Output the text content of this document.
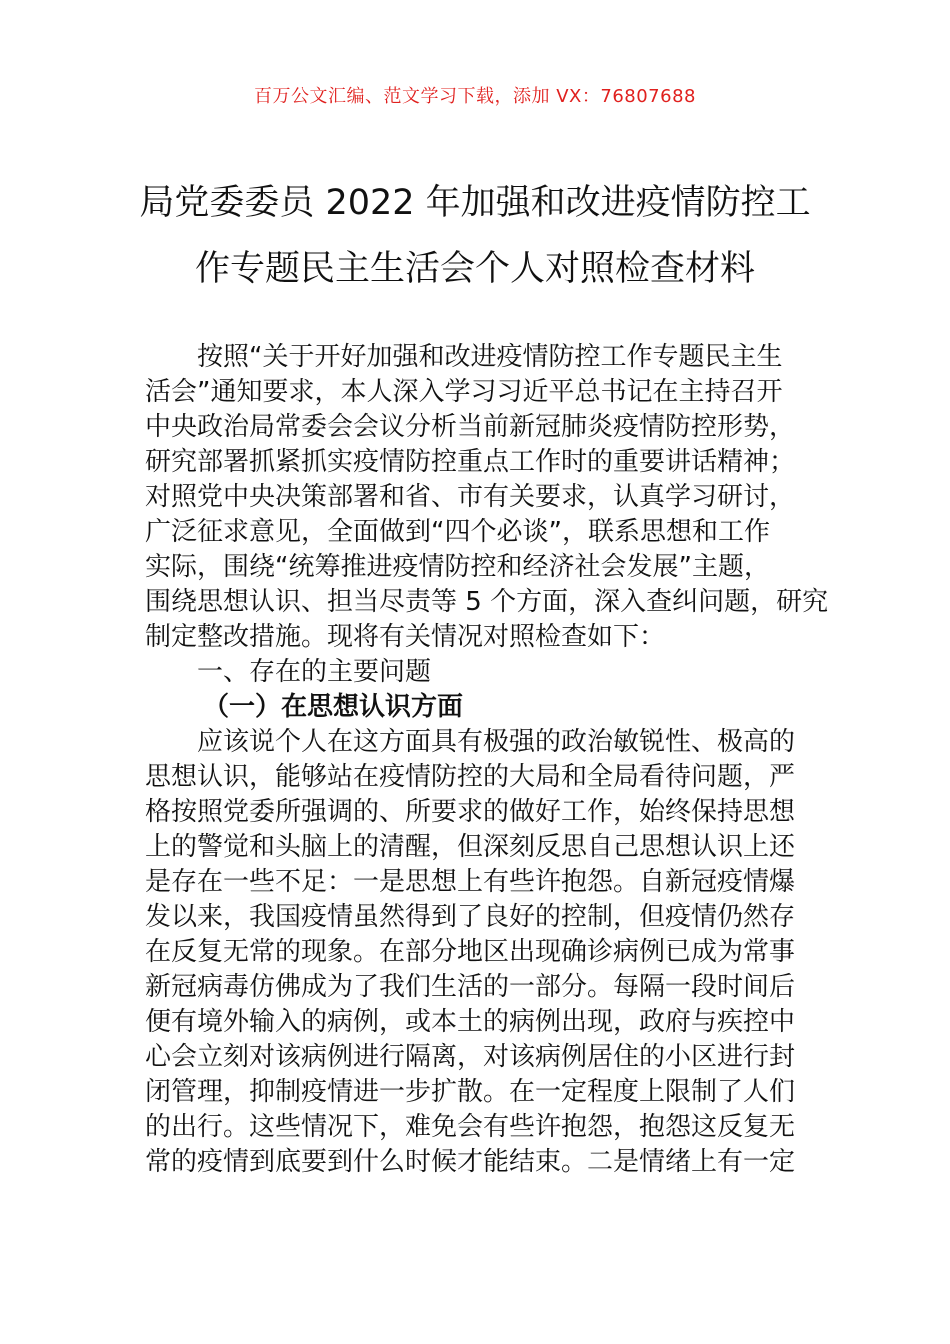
百万公文汇编、范文学习下载，添加 VX：76807688
局党委委员 2022 年加强和改进疫情防控工
作专题民主生活会个人对照检查材料
按照“关于开好加强和改进疫情防控工作专题民主生
活会”通知要求，本人深入学习习近平总书记在主持召开
中央政治局常委会会议分析当前新冠肺炎疫情防控形势，
研究部署抓紧抓实疫情防控重点工作时的重要讲话精神；
对照党中央决策部署和省、市有关要求，认真学习研讨，
广泛征求意见，全面做到“四个必谈”，联系思想和工作
实际，围绕“统筹推进疫情防控和经济社会发展”主题，
围绕思想认识、担当尽责等 5 个方面，深入查纠问题，研究
制定整改措施。现将有关情况对照检查如下：
一、存在的主要问题
（一）在思想认识方面
应该说个人在这方面具有极强的政治敏锐性、极高的
思想认识，能够站在疫情防控的大局和全局看待问题，严
格按照党委所强调的、所要求的做好工作，始终保持思想
上的警觉和头脑上的清醒，但深刻反思自己思想认识上还
是存在一些不足：一是思想上有些许抱怨。自新冠疫情爆
发以来，我国疫情虽然得到了良好的控制，但疫情仍然存
在反复无常的现象。在部分地区出现确诊病例已成为常事
新冠病毒仿佛成为了我们生活的一部分。每隔一段时间后
便有境外输入的病例，或本土的病例出现，政府与疾控中
心会立刻对该病例进行隔离，对该病例居住的小区进行封
闭管理，抑制疫情进一步扩散。在一定程度上限制了人们
的出行。这些情况下，难免会有些许抱怨，抱怨这反复无
常的疫情到底要到什么时候才能结束。二是情绪上有一定
